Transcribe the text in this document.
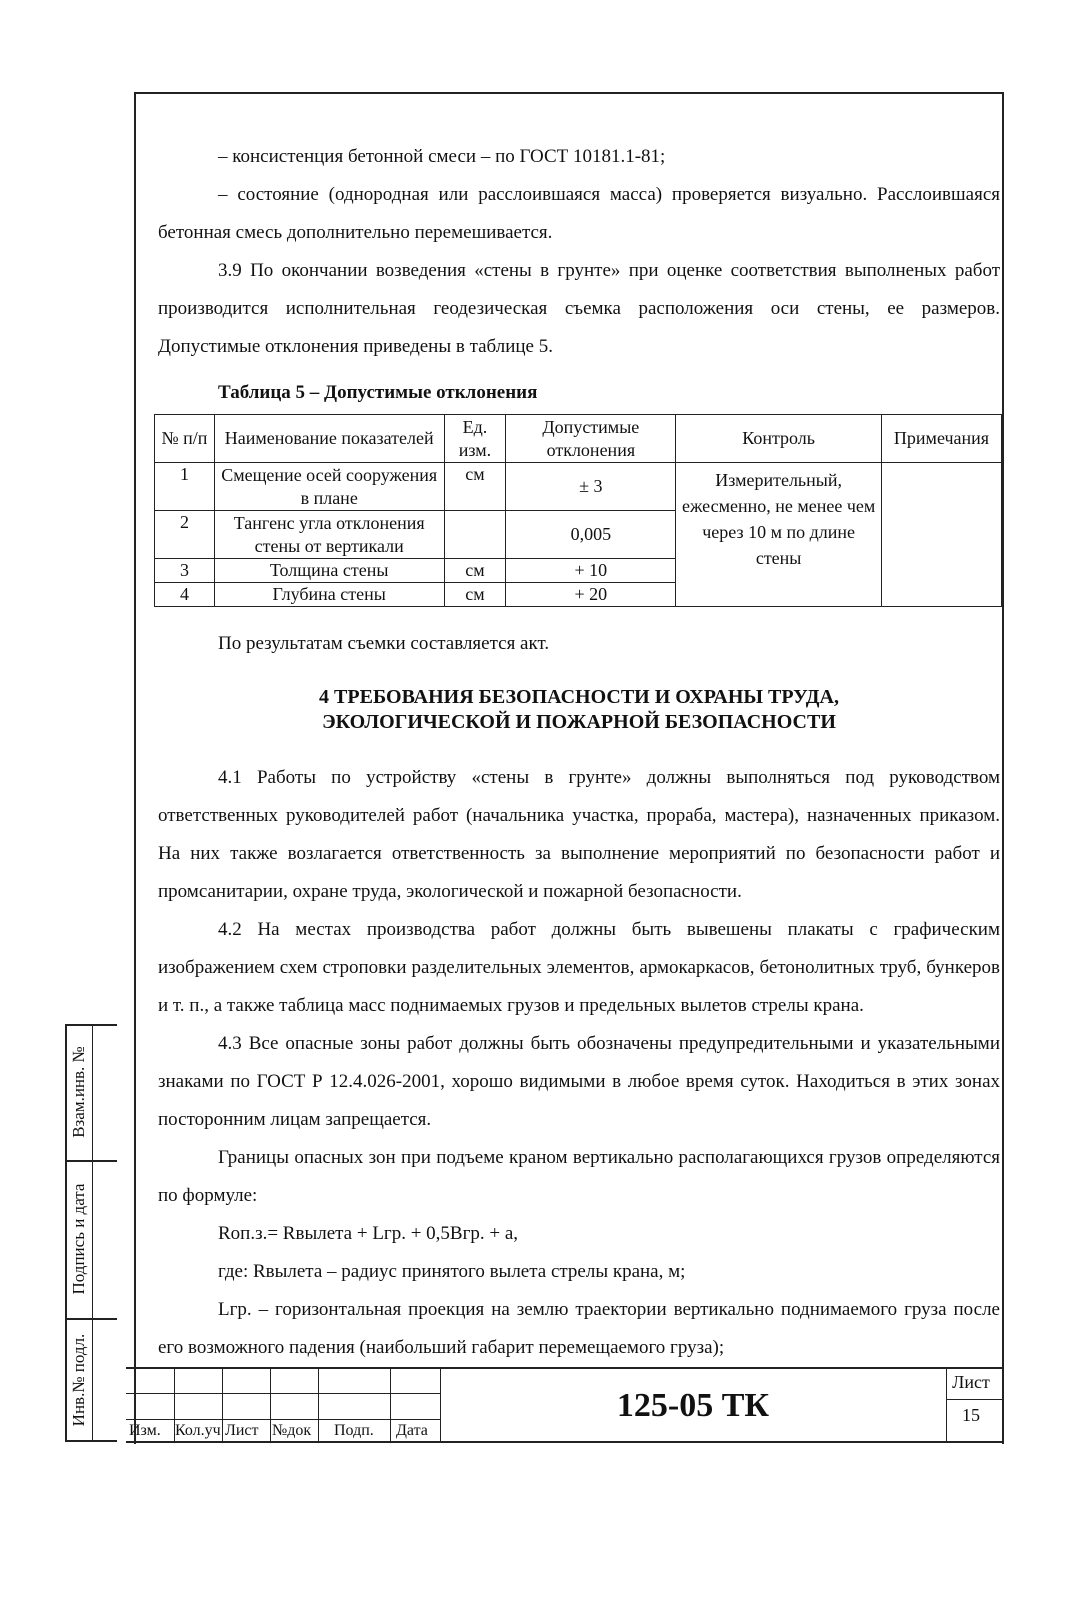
– консистенция бетонной смеси – по ГОСТ 10181.1-81;

– состояние (однородная или расслоившаяся масса) проверяется визуально. Расслоившаяся бетонная смесь дополнительно перемешивается.

3.9 По окончании возведения «стены в грунте» при оценке соответствия выполненых работ производится исполнительная геодезическая съемка расположения оси стены, ее размеров. Допустимые отклонения приведены в таблице 5.

Таблица 5 – Допустимые отклонения

№ п/п	Наименование показателей	Ед. изм.	Допустимые отклонения	Контроль	Примечания
1	Смещение осей сооружения в плане	см	± 3	Измерительный, ежесменно, не менее чем через 10 м по длине стены	
2	Тангенс угла отклонения стены от вертикали		0,005		
3	Толщина стены	см	+ 10		
4	Глубина стены	см	+ 20		

По результатам съемки составляется акт.

4 ТРЕБОВАНИЯ БЕЗОПАСНОСТИ И ОХРАНЫ ТРУДА,
ЭКОЛОГИЧЕСКОЙ И ПОЖАРНОЙ БЕЗОПАСНОСТИ

4.1 Работы по устройству «стены в грунте» должны выполняться под руководством ответственных руководителей работ (начальника участка, прораба, мастера), назначенных приказом. На них также возлагается ответственность за выполнение мероприятий по безопасности работ и промсанитарии, охране труда, экологической и пожарной безопасности.

4.2 На местах производства работ должны быть вывешены плакаты с графическим изображением схем строповки разделительных элементов, армокаркасов, бетонолитных труб, бункеров и т. п., а также таблица масс поднимаемых грузов и предельных вылетов стрелы крана.

4.3 Все опасные зоны работ должны быть обозначены предупредительными и указательными знаками по ГОСТ Р 12.4.026-2001, хорошо видимыми в любое время суток. Находиться в этих зонах посторонним лицам запрещается.

Границы опасных зон при подъеме краном вертикально располагающихся грузов определяются по формуле:

Rоп.з.= Rвылета + Lгр. + 0,5Bгр. + a,

где: Rвылета – радиус принятого вылета стрелы крана, м;

Lгр. – горизонтальная проекция на землю траектории вертикально поднимаемого груза после его возможного падения (наибольший габарит перемещаемого груза);

Взам.инв. №
Подпись и дата
Инв.№ подл.
Изм. Кол.уч Лист №док Подп. Дата
125-05 ТК
Лист
15
